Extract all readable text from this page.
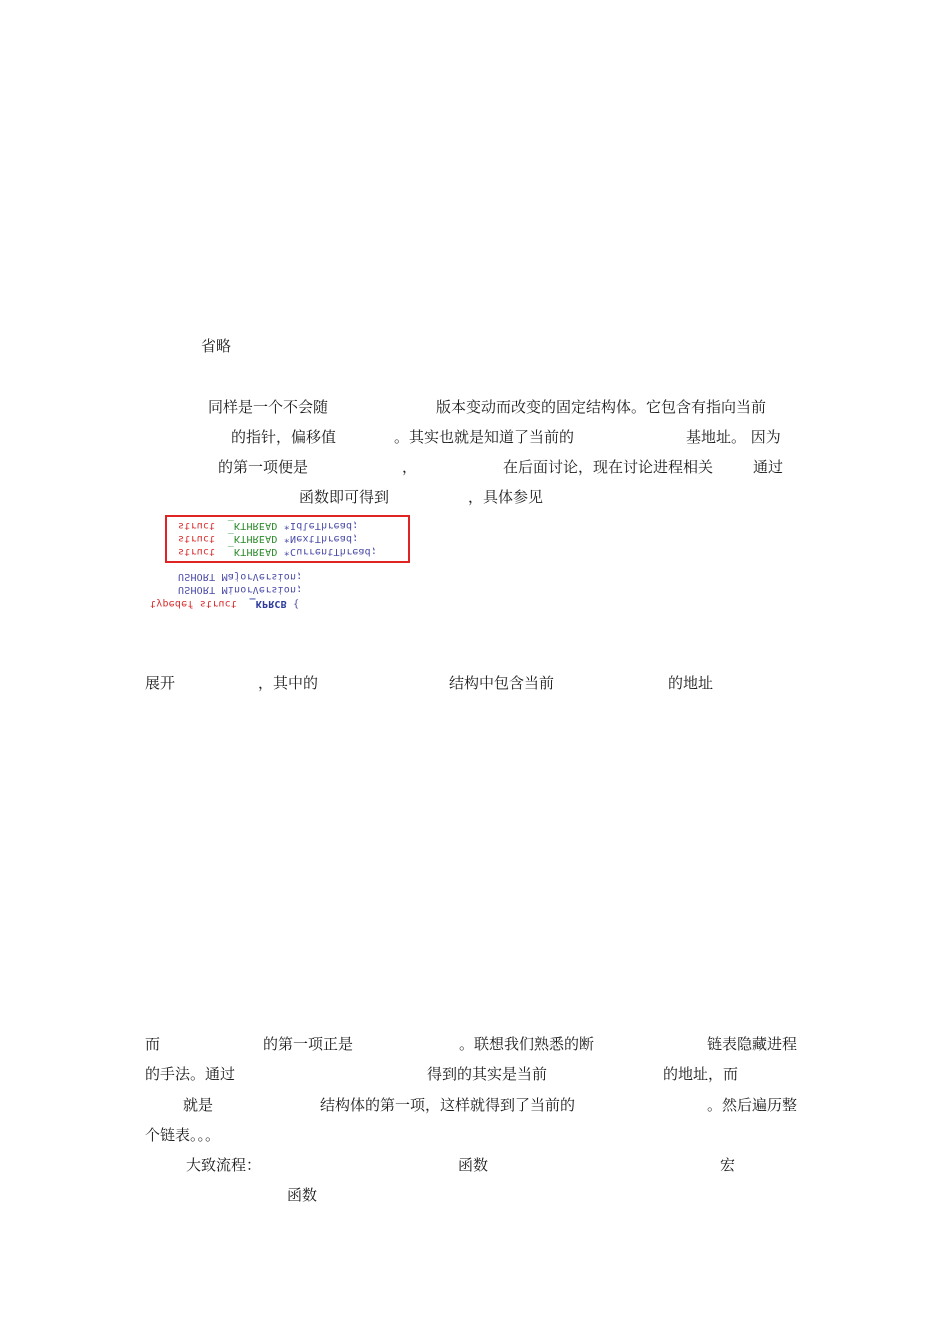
省略
同样是一个不会随	版本变动而改变的固定结构体。它包含有指向当前
的指针，偏移值	。其实也就是知道了当前的	基地址。 因为
的第一项便是	，	在后面讨论，现在讨论进程相关	通过
函数即可得到	，具体参见
struct _KTHREAD *IdleThread;
struct _KTHREAD *NextThread;
struct _KTHREAD *CurrentThread;
USHORT MajorVersion;
USHORT MinorVersion;
typedef struct _KPRCB {
展开	，其中的	结构中包含当前	的地址
而	的第一项正是	。联想我们熟悉的断	链表隐藏进程
的手法。通过	得到的其实是当前	的地址，而
就是	结构体的第一项，这样就得到了当前的	。然后遍历整
个链表。。。
大致流程：	函数	宏
函数
